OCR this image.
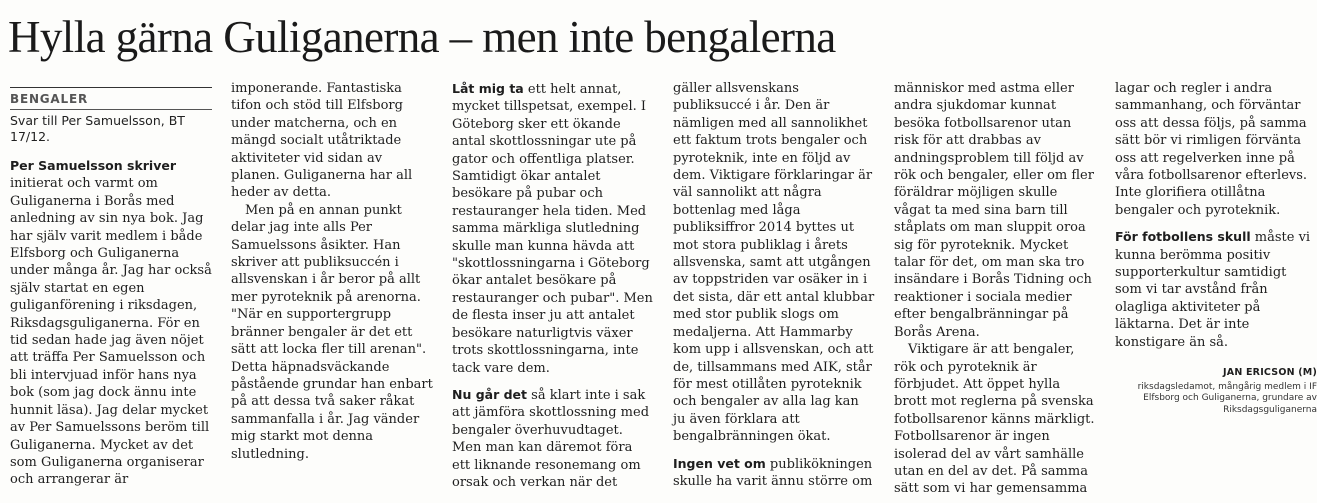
Hylla gärna Guliganerna – men inte bengalerna
BENGALER

Svar till Per Samuelsson, BT 17/12.

Per Samuelsson skriver initierat och varmt om Guliganerna i Borås med anledning av sin nya bok. Jag har själv varit medlem i både Elfsborg och Guliganerna under många år. Jag har också själv startat en egen guliganförening i riksdagen, Riksdagsguliganerna. För en tid sedan hade jag även nöjet att träffa Per Samuelsson och bli intervjuad inför hans nya bok (som jag dock ännu inte hunnit läsa). Jag delar mycket av Per Samuelssons beröm till Guliganerna. Mycket av det som Guliganerna organiserar och arrangerar är imponerande. Fantastiska tifon och stöd till Elfsborg under matcherna, och en mängd socialt utåtriktade aktiviteter vid sidan av planen. Guliganerna har all heder av detta.

Men på en annan punkt delar jag inte alls Per Samuelssons åsikter. Han skriver att publiksuccén i allsvenskan i år beror på allt mer pyroteknik på arenorna. "När en supportergrupp bränner bengaler är det ett sätt att locka fler till arenan". Detta häpnadsväckande påstående grundar han enbart på att dessa två saker råkat sammanfalla i år. Jag vänder mig starkt mot denna slutledning.

Låt mig ta ett helt annat, mycket tillspetsat, exempel. I Göteborg sker ett ökande antal skottlossningar ute på gator och offentliga platser. Samtidigt ökar antalet besökare på pubar och restauranger hela tiden. Med samma märkliga slutledning skulle man kunna hävda att "skottlossningarna i Göteborg ökar antalet besökare på restauranger och pubar". Men de flesta inser ju att antalet besökare naturligtvis växer trots skottlossningarna, inte tack vare dem.

Nu går det så klart inte i sak att jämföra skottlossning med bengaler överhuvudtaget. Men man kan däremot föra ett liknande resonemang om orsak och verkan när det gäller allsvenskans publiksuccé i år. Den är nämligen med all sannolikhet ett faktum trots bengaler och pyroteknik, inte en följd av dem. Viktigare förklaringar är väl sannolikt att några bottenlag med låga publiksiffror 2014 byttes ut mot stora publiklag i årets allsvenska, samt att utgången av toppstriden var osäker in i det sista, där ett antal klubbar med stor publik slogs om medaljerna. Att Hammarby kom upp i allsvenskan, och att de, tillsammans med AIK, står för mest otillåten pyroteknik och bengaler av alla lag kan ju även förklara att bengalbränningen ökat.

Ingen vet om publikökningen skulle ha varit ännu större om människor med astma eller andra sjukdomar kunnat besöka fotbollsarenor utan risk för att drabbas av andningsproblem till följd av rök och bengaler, eller om fler föräldrar möjligen skulle vågat ta med sina barn till ståplats om man sluppit oroa sig för pyroteknik. Mycket talar för det, om man ska tro insändare i Borås Tidning och reaktioner i sociala medier efter bengalbränningar på Borås Arena.

Viktigare är att bengaler, rök och pyroteknik är förbjudet. Att öppet hylla brott mot reglerna på svenska fotbollsarenor känns märkligt. Fotbollsarenor är ingen isolerad del av vårt samhälle utan en del av det. På samma sätt som vi har gemensamma lagar och regler i andra sammanhang, och förväntar oss att dessa följs, på samma sätt bör vi rimligen förvänta oss att regelverken inne på våra fotbollsarenor efterlevs. Inte glorifiera otillåtna bengaler och pyroteknik.

För fotbollens skull måste vi kunna berömma positiv supporterkultur samtidigt som vi tar avstånd från olagliga aktiviteter på läktarna. Det är inte konstigare än så.

JAN ERICSON (M)

riksdagsledamot, mångårig medlem i IF Elfsborg och Guliganerna, grundare av Riksdagsguliganerna
